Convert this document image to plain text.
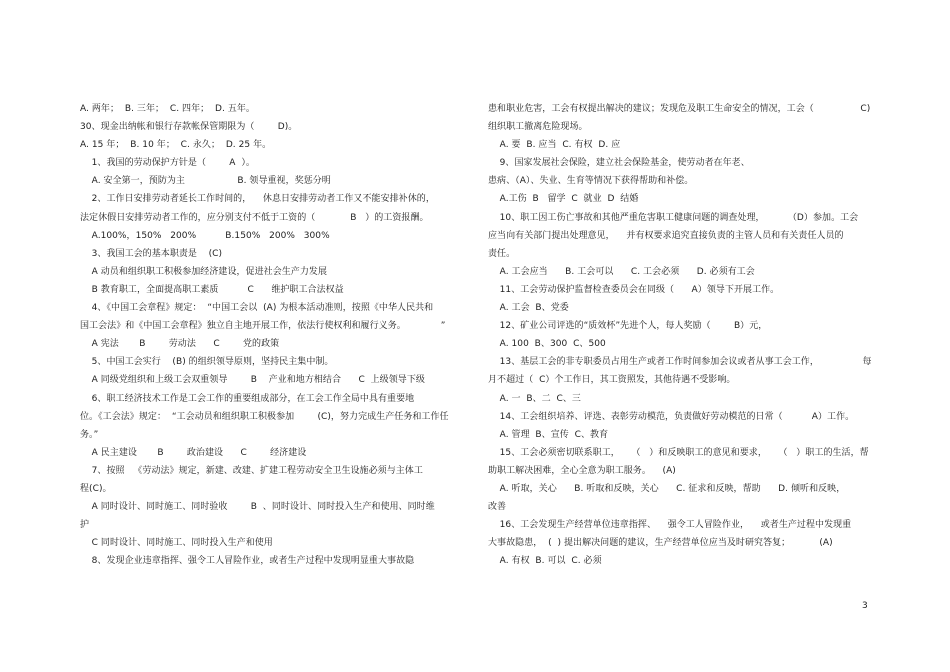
A. 两年；  B. 三年；  C. 四年；  D. 五年。
30、现金出纳帐和银行存款帐保管期限为（        D)。
A. 15 年；  B. 10 年；  C. 永久；  D. 25 年。
1、我国的劳动保护方针是（        A  ）。
A. 安全第一，预防为主                  B. 领导重视，奖惩分明
2、工作日安排劳动者延长工作时间的，    休息日安排劳动者工作又不能安排补休的，
法定休假日安排劳动者工作的，应分别支付不低于工资的（            B   ）的工资报酬。
A.100%，150%   200%          B.150%   200%   300%
3、我国工会的基本职责是    (C)
A 动员和组织职工积极参加经济建设，促进社会生产力发展
B 教育职工，全面提高职工素质          C      维护职工合法权益
4、《中国工会章程》规定：  “中国工会以  (A) 为根本活动准则，按照《中华人民共和
国工会法》和《中国工会章程》独立自主地开展工作，依法行使权利和履行义务。            ”
A 宪法       B        劳动法      C        党的政策
5、中国工会实行    (B) 的组织领导原则，坚持民主集中制。
A 同级党组织和上级工会双重领导        B    产业和地方相结合      C  上级领导下级
6、职工经济技术工作是工会工作的重要组成部分，在工会工作全局中具有重要地
位。《工会法》规定：  “工会动员和组织职工积极参加        (C)，努力完成生产任务和工作任
务。”
A 民主建设       B        政治建设      C        经济建设
7、按照   《劳动法》规定，新建、改建、扩建工程劳动安全卫生设施必须与主体工
程(C)。
A 同时设计、同时施工、同时验收        B  、同时设计、同时投入生产和使用、同时维
护
C 同时设计、同时施工、同时投入生产和使用
8、发现企业违章指挥、强令工人冒险作业，或者生产过程中发现明显重大事故隐
患和职业危害，工会有权提出解决的建议；发现危及职工生命安全的情况，工会（                C)
组织职工撤离危险现场。
A. 要  B. 应当  C. 有权  D. 应
9、国家发展社会保险，建立社会保险基金，使劳动者在年老、
患病、（A）、失业、生育等情况下获得帮助和补偿。
A.工伤  B   留学  C  就业  D  结婚
10、职工因工伤亡事故和其他严重危害职工健康问题的调查处理，        （D）参加。工会
应当向有关部门提出处理意见，    并有权要求追究直接负责的主管人员和有关责任人员的
责任。
A. 工会应当      B. 工会可以      C. 工会必须      D. 必须有工会
11、工会劳动保护监督检查委员会在同级（      A）领导下开展工作。
A. 工会  B、党委
12、矿业公司评选的“质效杯”先进个人，每人奖励（        B）元，
A. 100  B、300  C、500
13、基层工会的非专职委员占用生产或者工作时间参加会议或者从事工会工作，               每
月不超过（  C）个工作日，其工资照发，其他待遇不受影响。
A. 一  B、二  C、三
14、工会组织培养、评选、表彰劳动模范，负责做好劳动模范的日常（          A）工作。
A. 管理  B、宣传  C、教育
15、工会必须密切联系职工，    （   ）和反映职工的意见和要求，    （   ）职工的生活，帮
助职工解决困难，全心全意为职工服务。    (A)
A. 听取，关心      B. 听取和反映，关心      C. 征求和反映，帮助      D. 倾听和反映，
改善
16、工会发现生产经营单位违章指挥、    强令工人冒险作业，    或者生产过程中发现重
大事故隐患，  (  ) 提出解决问题的建议，生产经营单位应当及时研究答复；          (A)
A. 有权  B. 可以  C. 必须
3
